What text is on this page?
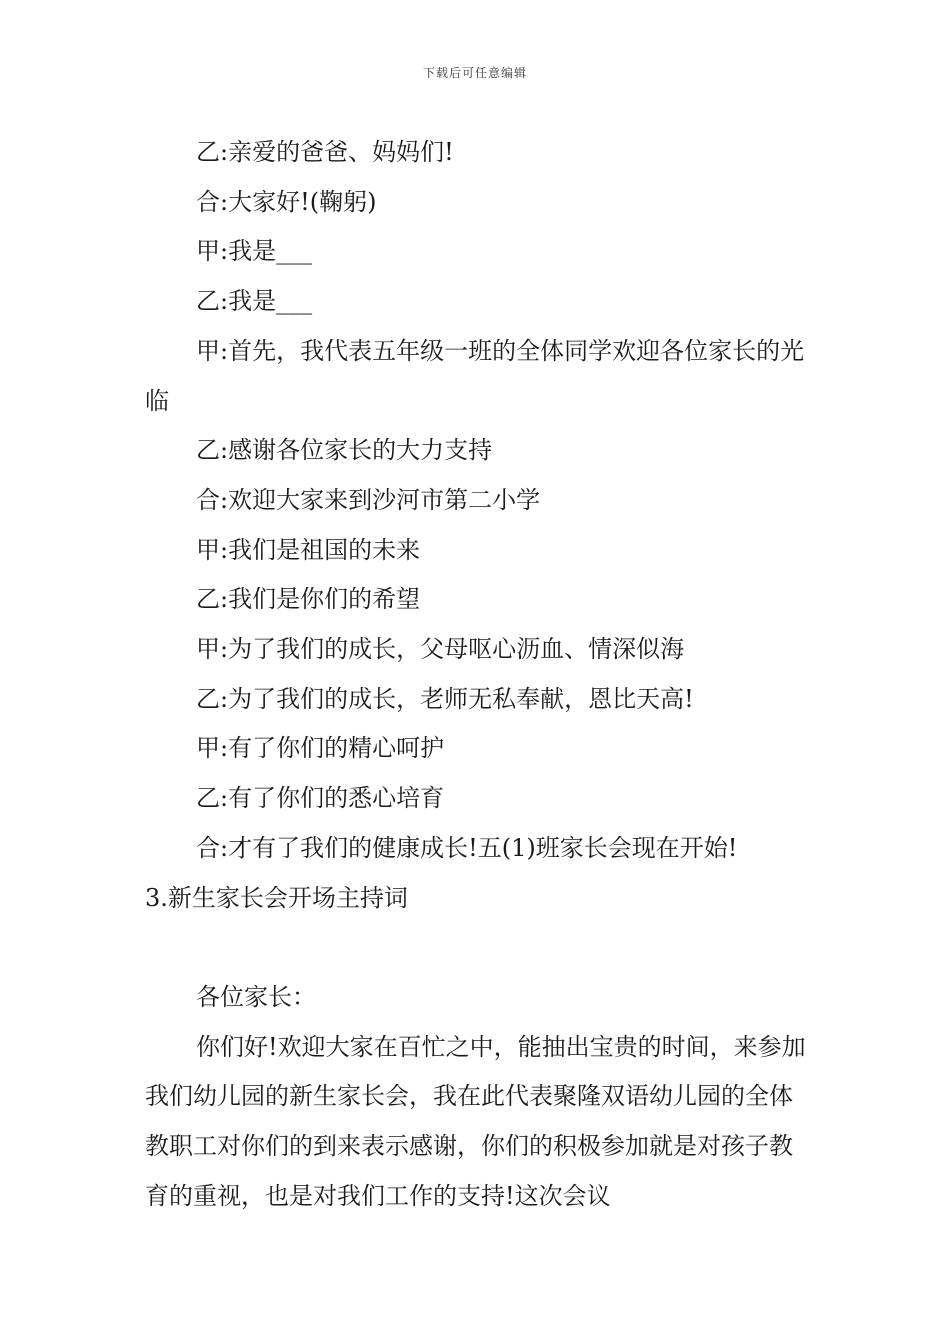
下载后可任意编辑

乙:亲爱的爸爸、妈妈们!

合:大家好!(鞠躬)

甲:我是___

乙:我是___

甲:首先，我代表五年级一班的全体同学欢迎各位家长的光临

乙:感谢各位家长的大力支持

合:欢迎大家来到沙河市第二小学

甲:我们是祖国的未来

乙:我们是你们的希望

甲:为了我们的成长，父母呕心沥血、情深似海

乙:为了我们的成长，老师无私奉献，恩比天高!

甲:有了你们的精心呵护

乙:有了你们的悉心培育

合:才有了我们的健康成长!五(1)班家长会现在开始!

3.新生家长会开场主持词

各位家长：

你们好!欢迎大家在百忙之中，能抽出宝贵的时间，来参加我们幼儿园的新生家长会，我在此代表聚隆双语幼儿园的全体教职工对你们的到来表示感谢，你们的积极参加就是对孩子教育的重视，也是对我们工作的支持!这次会议
